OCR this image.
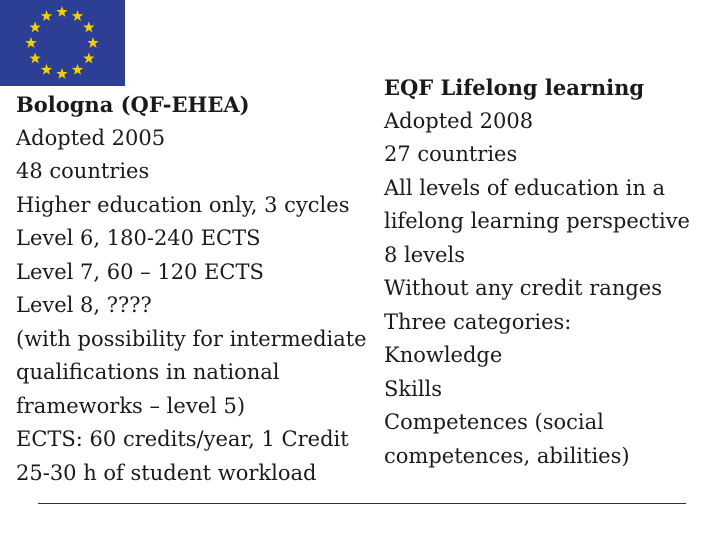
Bologna (QF-EHEA)
Adopted 2005
48 countries
Higher education only, 3 cycles
Level 6, 180-240 ECTS
Level 7, 60 – 120 ECTS
Level 8, ????
(with possibility for intermediate
qualifications in national
frameworks – level 5)
ECTS: 60 credits/year, 1 Credit
25-30 h of student workload
EQF Lifelong learning
Adopted 2008
27 countries
All levels of education in a
lifelong learning perspective
8 levels
Without any credit ranges
Three categories:
Knowledge
Skills
Competences (social
competences, abilities)
